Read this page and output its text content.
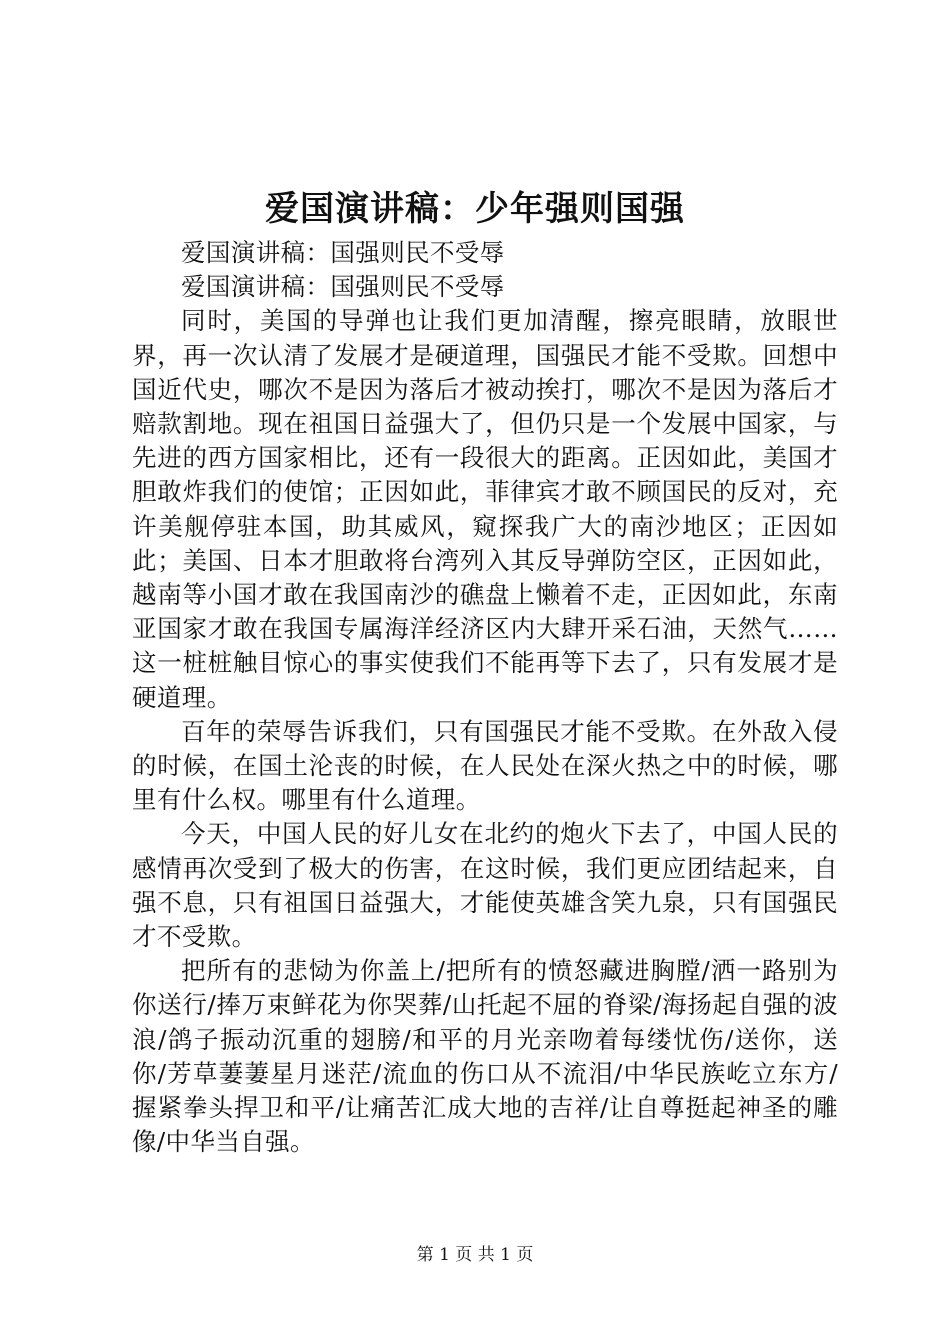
爱国演讲稿：少年强则国强

爱国演讲稿：国强则民不受辱

爱国演讲稿：国强则民不受辱

同时，美国的导弹也让我们更加清醒，擦亮眼睛，放眼世界，再一次认清了发展才是硬道理，国强民才能不受欺。回想中国近代史，哪次不是因为落后才被动挨打，哪次不是因为落后才赔款割地。现在祖国日益强大了，但仍只是一个发展中国家，与先进的西方国家相比，还有一段很大的距离。正因如此，美国才胆敢炸我们的使馆；正因如此，菲律宾才敢不顾国民的反对，充许美舰停驻本国，助其威风，窥探我广大的南沙地区；正因如此；美国、日本才胆敢将台湾列入其反导弹防空区，正因如此，越南等小国才敢在我国南沙的礁盘上懒着不走，正因如此，东南亚国家才敢在我国专属海洋经济区内大肆开采石油，天然气……这一桩桩触目惊心的事实使我们不能再等下去了，只有发展才是硬道理。

百年的荣辱告诉我们，只有国强民才能不受欺。在外敌入侵的时候，在国土沦丧的时候，在人民处在深火热之中的时候，哪里有什么权。哪里有什么道理。

今天，中国人民的好儿女在北约的炮火下去了，中国人民的感情再次受到了极大的伤害，在这时候，我们更应团结起来，自强不息，只有祖国日益强大，才能使英雄含笑九泉，只有国强民才不受欺。

把所有的悲恸为你盖上/把所有的愤怒藏进胸膛/洒一路别为你送行/捧万束鲜花为你哭葬/山托起不屈的脊梁/海扬起自强的波浪/鸽子振动沉重的翅膀/和平的月光亲吻着每缕忧伤/送你，送你/芳草萋萋星月迷茫/流血的伤口从不流泪/中华民族屹立东方/握紧拳头捍卫和平/让痛苦汇成大地的吉祥/让自尊挺起神圣的雕像/中华当自强。

第 1 页 共 1 页
